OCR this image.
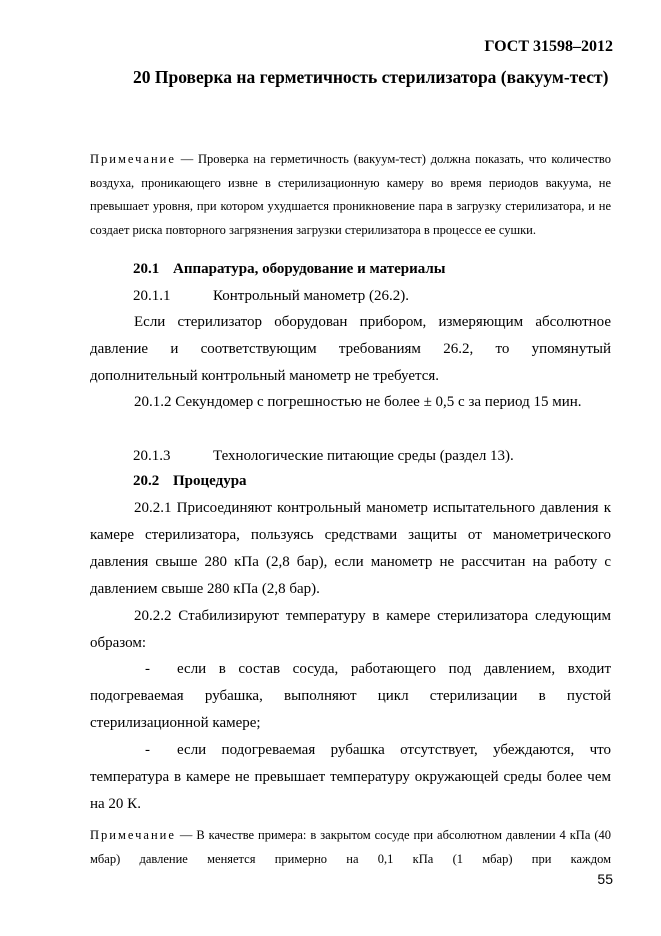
ГОСТ 31598–2012
20 Проверка на герметичность стерилизатора (вакуум-тест)
Примечание — Проверка на герметичность (вакуум-тест) должна показать, что количество воздуха, проникающего извне в стерилизационную камеру во время периодов вакуума, не превышает уровня, при котором ухудшается проникновение пара в загрузку стерилизатора, и не создает риска повторного загрязнения загрузки стерилизатора в процессе ее сушки.
20.1 Аппаратура, оборудование и материалы
20.1.1	Контрольный манометр (26.2).

Если стерилизатор оборудован прибором, измеряющим абсолютное давление и соответствующим требованиям 26.2, то упомянутый дополнительный контрольный манометр не требуется.

20.1.2 Секундомер с погрешностью не более ± 0,5 с за период 15 мин.

20.1.3	Технологические питающие среды (раздел 13).
20.2 Процедура

20.2.1 Присоединяют контрольный манометр испытательного давления к камере стерилизатора, пользуясь средствами защиты от манометрического давления свыше 280 кПа (2,8 бар), если манометр не рассчитан на работу с давлением свыше 280 кПа (2,8 бар).

20.2.2 Стабилизируют температуру в камере стерилизатора следующим образом:

- если в состав сосуда, работающего под давлением, входит подогреваемая рубашка, выполняют цикл стерилизации в пустой стерилизационной камере;

- если подогреваемая рубашка отсутствует, убеждаются, что температура в камере не превышает температуру окружающей среды более чем на 20 К.

Примечание — В качестве примера: в закрытом сосуде при абсолютном давлении 4 кПа (40 мбар) давление меняется примерно на 0,1 кПа (1 мбар) при каждом
55
